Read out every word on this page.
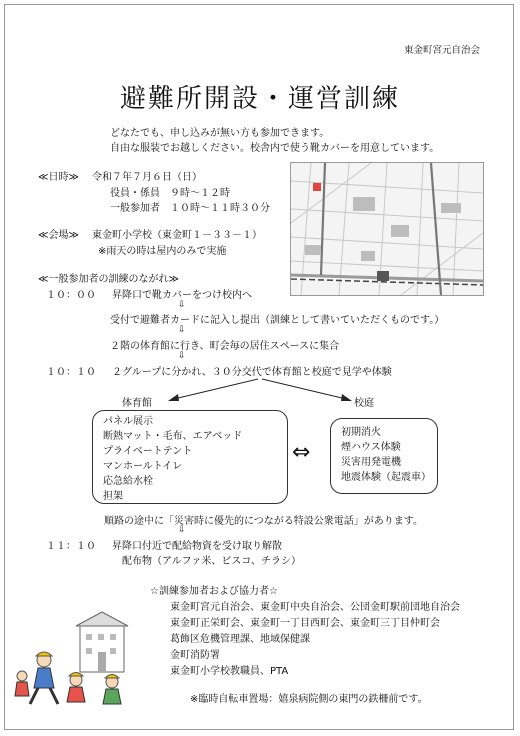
東金町宮元自治会
避難所開設・運営訓練
どなたでも、申し込みが無い方も参加できます。
自由な服装でお越しください。校舎内で使う靴カバーを用意しています。
≪日時≫ 令和７年７月６日（日）
役員・係員 ９時～１２時
一般参加者 １０時～１１時３０分
≪会場≫ 東金町小学校（東金町１－３３－１）
※雨天の時は屋内のみで実施
≪一般参加者の訓練のながれ≫
１０：００ 昇降口で靴カバーをつけ校内へ
⇩
受付で避難者カードに記入し提出（訓練として書いていただくものです。）
⇩
２階の体育館に行き、町会毎の居住スペースに集合
⇩
１０：１０ ２グループに分かれ、３０分交代で体育館と校庭で見学や体験
体育館	校庭
パネル展示
断熱マット・毛布、エアベッド
プライベートテント
マンホールトイレ
応急給水栓
担架
⇔
初期消火
煙ハウス体験
災害用発電機
地震体験（起震車）
順路の途中に「災害時に優先的につながる特設公衆電話」があります。
⇩
１１：１０ 昇降口付近で配給物資を受け取り解散
配布物（アルファ米、ビスコ、チラシ）
☆訓練参加者および協力者☆
東金町宮元自治会、東金町中央自治会、公団金町駅前団地自治会
東金町正栄町会、東金町一丁目西町会、東金町三丁目仲町会
葛飾区危機管理課、地域保健課
金町消防署
東金町小学校教職員、PTA
※臨時自転車置場：嬉泉病院側の東門の鉄柵前です。
